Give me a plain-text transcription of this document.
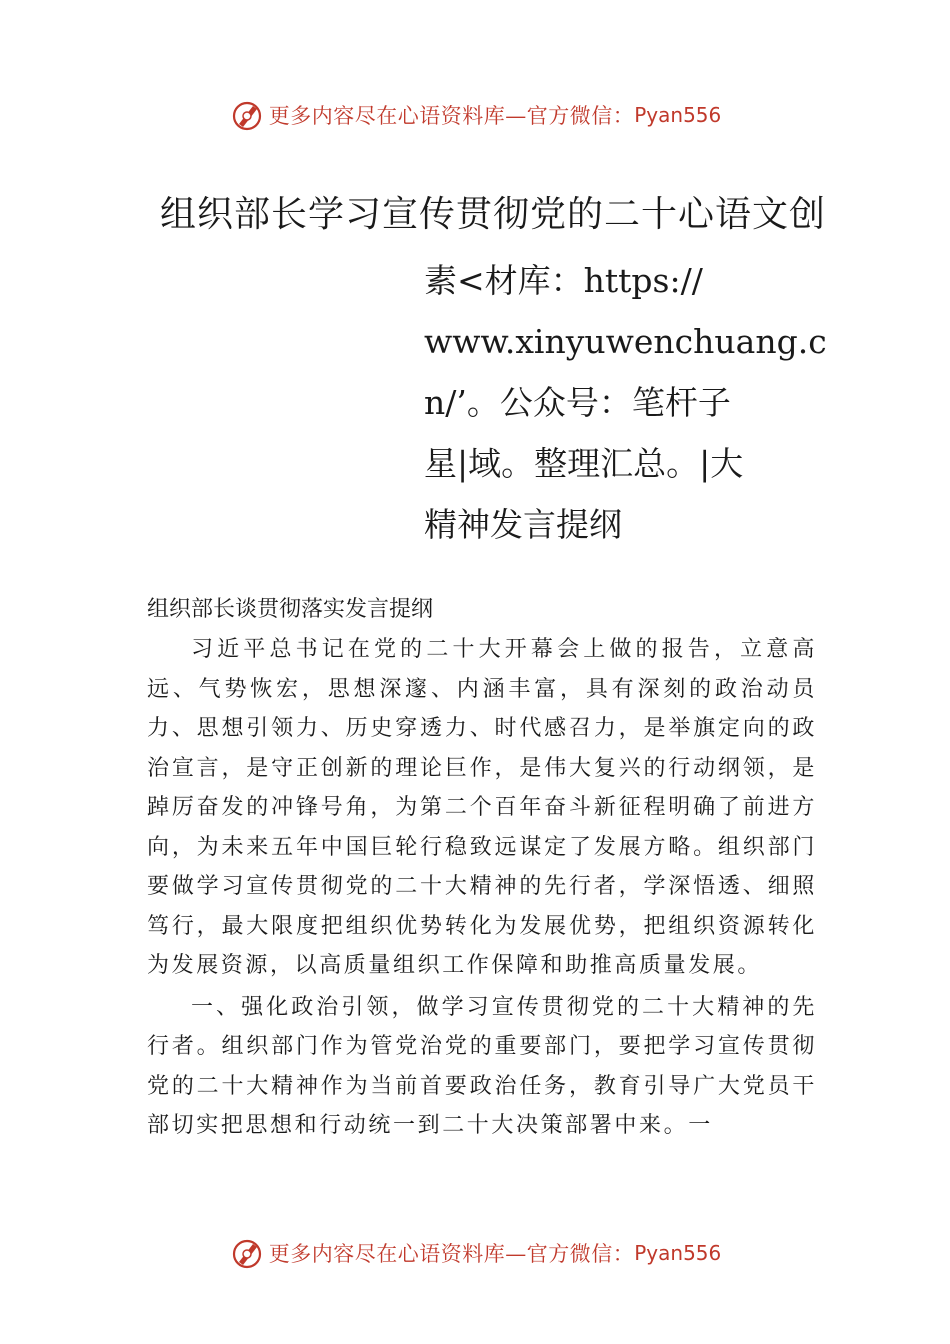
更多内容尽在心语资料库—官方微信： Pyan556
组织部长学习宣传贯彻党的二十心语文创
素<材库：https://
www.xinyuwenchuang.c
n/’。公众号：笔杆子
星|域。整理汇总。|大
精神发言提纲
组织部长谈贯彻落实发言提纲

习近平总书记在党的二十大开幕会上做的报告，立意高远、气势恢宏，思想深邃、内涵丰富，具有深刻的政治动员力、思想引领力、历史穿透力、时代感召力，是举旗定向的政治宣言，是守正创新的理论巨作，是伟大复兴的行动纲领，是踔厉奋发的冲锋号角，为第二个百年奋斗新征程明确了前进方向，为未来五年中国巨轮行稳致远谋定了发展方略。组织部门要做学习宣传贯彻党的二十大精神的先行者，学深悟透、细照笃行，最大限度把组织优势转化为发展优势，把组织资源转化为发展资源，以高质量组织工作保障和助推高质量发展。

一、强化政治引领，做学习宣传贯彻党的二十大精神的先行者。组织部门作为管党治党的重要部门，要把学习宣传贯彻党的二十大精神作为当前首要政治任务，教育引导广大党员干部切实把思想和行动统一到二十大决策部署中来。一

更多内容尽在心语资料库—官方微信： Pyan556
